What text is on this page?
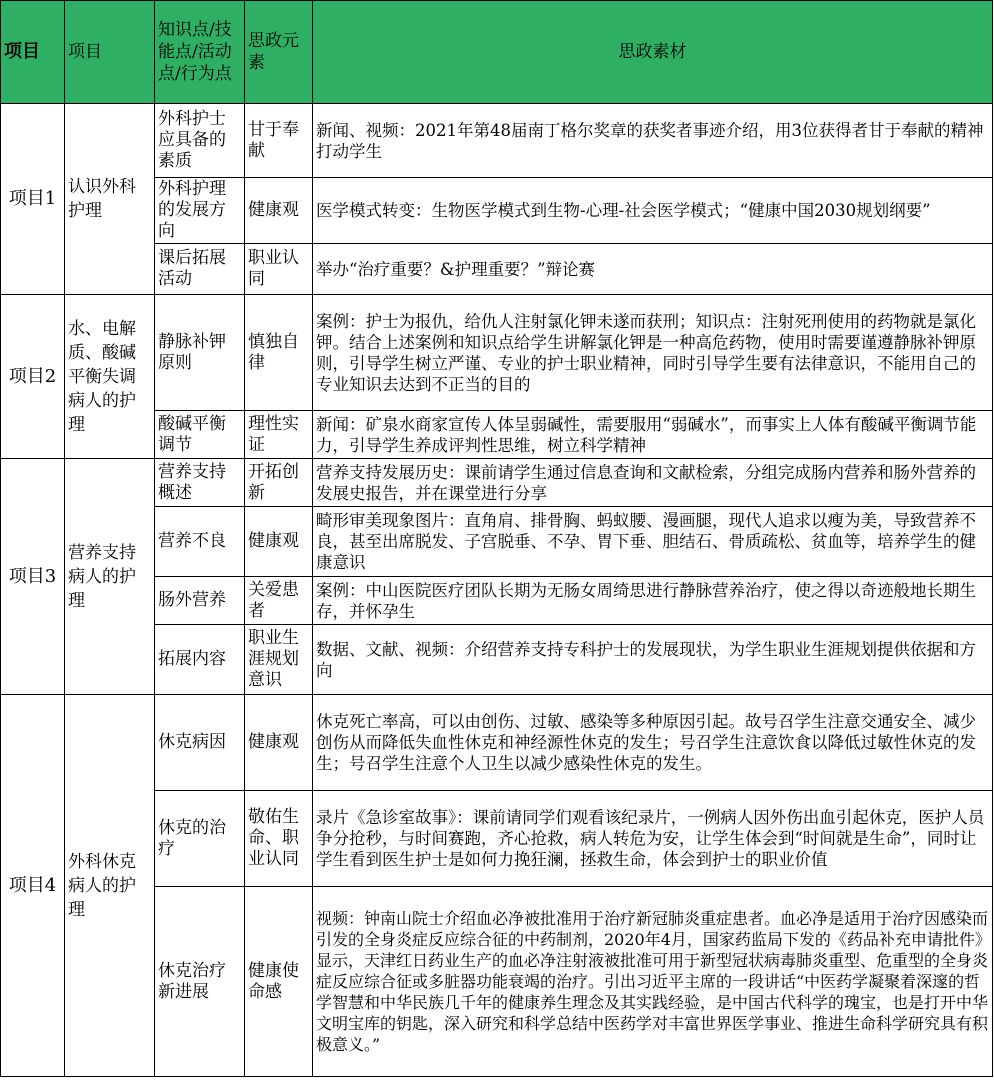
项目	项目	知识点/技能点/活动点/行为点	思政元素	思政素材
项目1	认识外科护理	外科护士应具备的素质	甘于奉献	新闻、视频：2021年第48届南丁格尔奖章的获奖者事迹介绍，用3位获得者甘于奉献的精神打动学生
		外科护理的发展方向	健康观	医学模式转变：生物医学模式到生物-心理-社会医学模式；“健康中国2030规划纲要”
		课后拓展活动	职业认同	举办“治疗重要？&护理重要？”辩论赛
项目2	水、电解质、酸碱平衡失调病人的护理	静脉补钾原则	慎独自律	案例：护士为报仇，给仇人注射氯化钾未遂而获刑；知识点：注射死刑使用的药物就是氯化钾。结合上述案例和知识点给学生讲解氯化钾是一种高危药物，使用时需要谨遵静脉补钾原则，引导学生树立严谨、专业的护士职业精神，同时引导学生要有法律意识，不能用自己的专业知识去达到不正当的目的
		酸碱平衡调节	理性实证	新闻：矿泉水商家宣传人体呈弱碱性，需要服用“弱碱水”，而事实上人体有酸碱平衡调节能力，引导学生养成评判性思维，树立科学精神
项目3	营养支持病人的护理	营养支持概述	开拓创新	营养支持发展历史：课前请学生通过信息查询和文献检索，分组完成肠内营养和肠外营养的发展史报告，并在课堂进行分享
		营养不良	健康观	畸形审美现象图片：直角肩、排骨胸、蚂蚁腰、漫画腿，现代人追求以瘦为美，导致营养不良，甚至出席脱发、子宫脱垂、不孕、胃下垂、胆结石、骨质疏松、贫血等，培养学生的健康意识
		肠外营养	关爱患者	案例：中山医院医疗团队长期为无肠女周绮思进行静脉营养治疗，使之得以奇迹般地长期生存，并怀孕生
		拓展内容	职业生涯规划意识	数据、文献、视频：介绍营养支持专科护士的发展现状，为学生职业生涯规划提供依据和方向
项目4	外科休克病人的护理	休克病因	健康观	休克死亡率高，可以由创伤、过敏、感染等多种原因引起。故号召学生注意交通安全、减少创伤从而降低失血性休克和神经源性休克的发生；号召学生注意饮食以降低过敏性休克的发生；号召学生注意个人卫生以减少感染性休克的发生。
		休克的治疗	敬佑生命、职业认同	录片《急诊室故事》：课前请同学们观看该纪录片，一例病人因外伤出血引起休克，医护人员争分抢秒，与时间赛跑，齐心抢救，病人转危为安，让学生体会到“时间就是生命”，同时让学生看到医生护士是如何力挽狂澜，拯救生命，体会到护士的职业价值
		休克治疗新进展	健康使命感	视频：钟南山院士介绍血必净被批准用于治疗新冠肺炎重症患者。血必净是适用于治疗因感染而引发的全身炎症反应综合征的中药制剂，2020年4月，国家药监局下发的《药品补充申请批件》显示，天津红日药业生产的血必净注射液被批准可用于新型冠状病毒肺炎重型、危重型的全身炎症反应综合征或多脏器功能衰竭的治疗。引出习近平主席的一段讲话“中医药学凝聚着深邃的哲学智慧和中华民族几千年的健康养生理念及其实践经验，是中国古代科学的瑰宝，也是打开中华文明宝库的钥匙，深入研究和科学总结中医药学对丰富世界医学事业、推进生命科学研究具有积极意义。”
